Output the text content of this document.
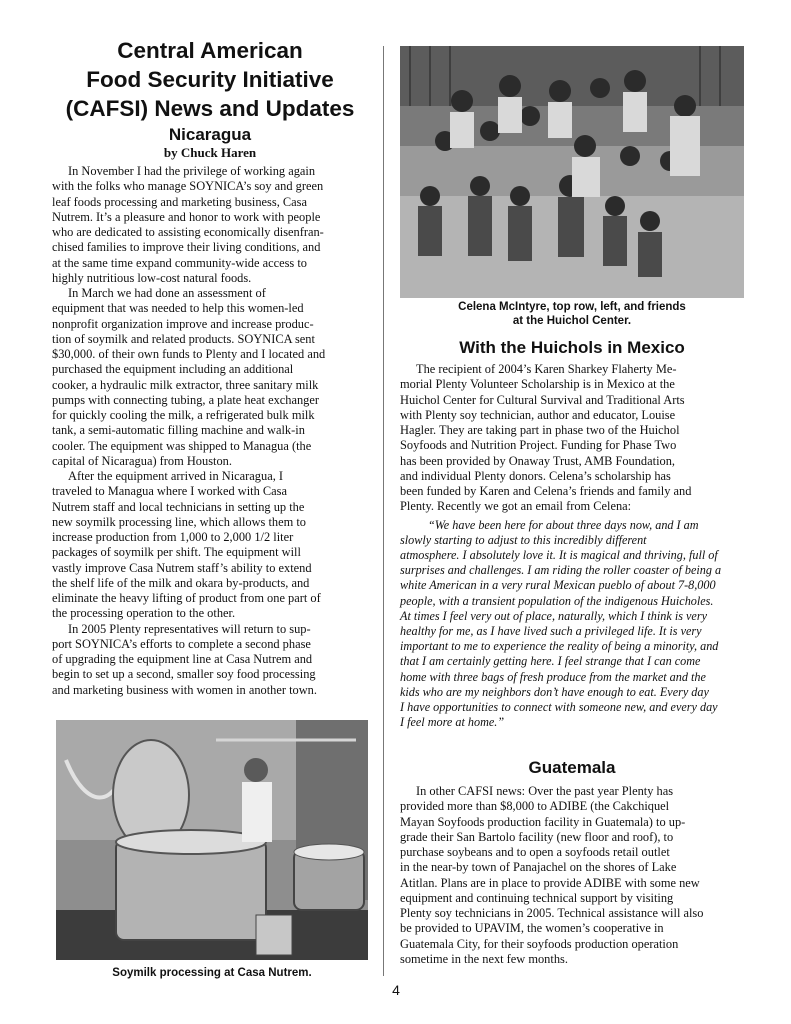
Central American
Food Security Initiative
(CAFSI) News and Updates
Nicaragua
by Chuck Haren

In November I had the privilege of working again
with the folks who manage SOYNICA’s soy and green
leaf foods processing and marketing business, Casa
Nutrem. It’s a pleasure and honor to work with people
who are dedicated to assisting economically disenfran-
chised families to improve their living conditions, and
at the same time expand community-wide access to
highly nutritious low-cost natural foods.

In March we had done an assessment of
equipment that was needed to help this women-led
nonprofit organization improve and increase produc-
tion of soymilk and related products. SOYNICA sent
$30,000. of their own funds to Plenty and I located and
purchased the equipment including an additional
cooker, a hydraulic milk extractor, three sanitary milk
pumps with connecting tubing, a plate heat exchanger
for quickly cooling the milk, a refrigerated bulk milk
tank, a semi-automatic filling machine and walk-in
cooler. The equipment was shipped to Managua (the
capital of Nicaragua) from Houston.

After the equipment arrived in Nicaragua, I
traveled to Managua where I worked with Casa
Nutrem staff and local technicians in setting up the
new soymilk processing line, which allows them to
increase production from 1,000 to 2,000 1/2 liter
packages of soymilk per shift. The equipment will
vastly improve Casa Nutrem staff’s ability to extend
the shelf life of the milk and okara by-products, and
eliminate the heavy lifting of product from one part of
the processing operation to the other.

In 2005 Plenty representatives will return to sup-
port SOYNICA’s efforts to complete a second phase
of upgrading the equipment line at Casa Nutrem and
begin to set up a second, smaller soy food processing
and marketing business with women in another town.

Soymilk processing at Casa Nutrem.
Celena McIntyre, top row, left, and friends
at the Huichol Center.
With the Huichols in Mexico

The recipient of 2004’s Karen Sharkey Flaherty Me-
morial Plenty Volunteer Scholarship is in Mexico at the
Huichol Center for Cultural Survival and Traditional Arts
with Plenty soy technician, author and educator, Louise
Hagler. They are taking part in phase two of the Huichol
Soyfoods and Nutrition Project. Funding for Phase Two
has been provided by Onaway Trust, AMB Foundation,
and individual Plenty donors. Celena’s scholarship has
been funded by Karen and Celena’s friends and family and
Plenty. Recently we got an email from Celena:

“We have been here for about three days now, and I am
slowly starting to adjust to this incredibly different
atmosphere. I absolutely love it. It is magical and thriving, full of
surprises and challenges. I am riding the roller coaster of being a
white American in a very rural Mexican pueblo of about 7-8,000
people, with a transient population of the indigenous Huicholes.
At times I feel very out of place, naturally, which I think is very
healthy for me, as I have lived such a privileged life. It is very
important to me to experience the reality of being a minority, and
that I am certainly getting here. I feel strange that I can come
home with three bags of fresh produce from the market and the
kids who are my neighbors don’t have enough to eat. Every day
I have opportunities to connect with someone new, and every day
I feel more at home.”

Guatemala

In other CAFSI news: Over the past year Plenty has
provided more than $8,000 to ADIBE (the Cakchiquel
Mayan Soyfoods production facility in Guatemala) to up-
grade their San Bartolo facility (new floor and roof), to
purchase soybeans and to open a soyfoods retail outlet
in the near-by town of Panajachel on the shores of Lake
Atitlan. Plans are in place to provide ADIBE with some new
equipment and continuing technical support by visiting
Plenty soy technicians in 2005. Technical assistance will also
be provided to UPAVIM, the women’s cooperative in
Guatemala City, for their soyfoods production operation
sometime in the next few months.

4
